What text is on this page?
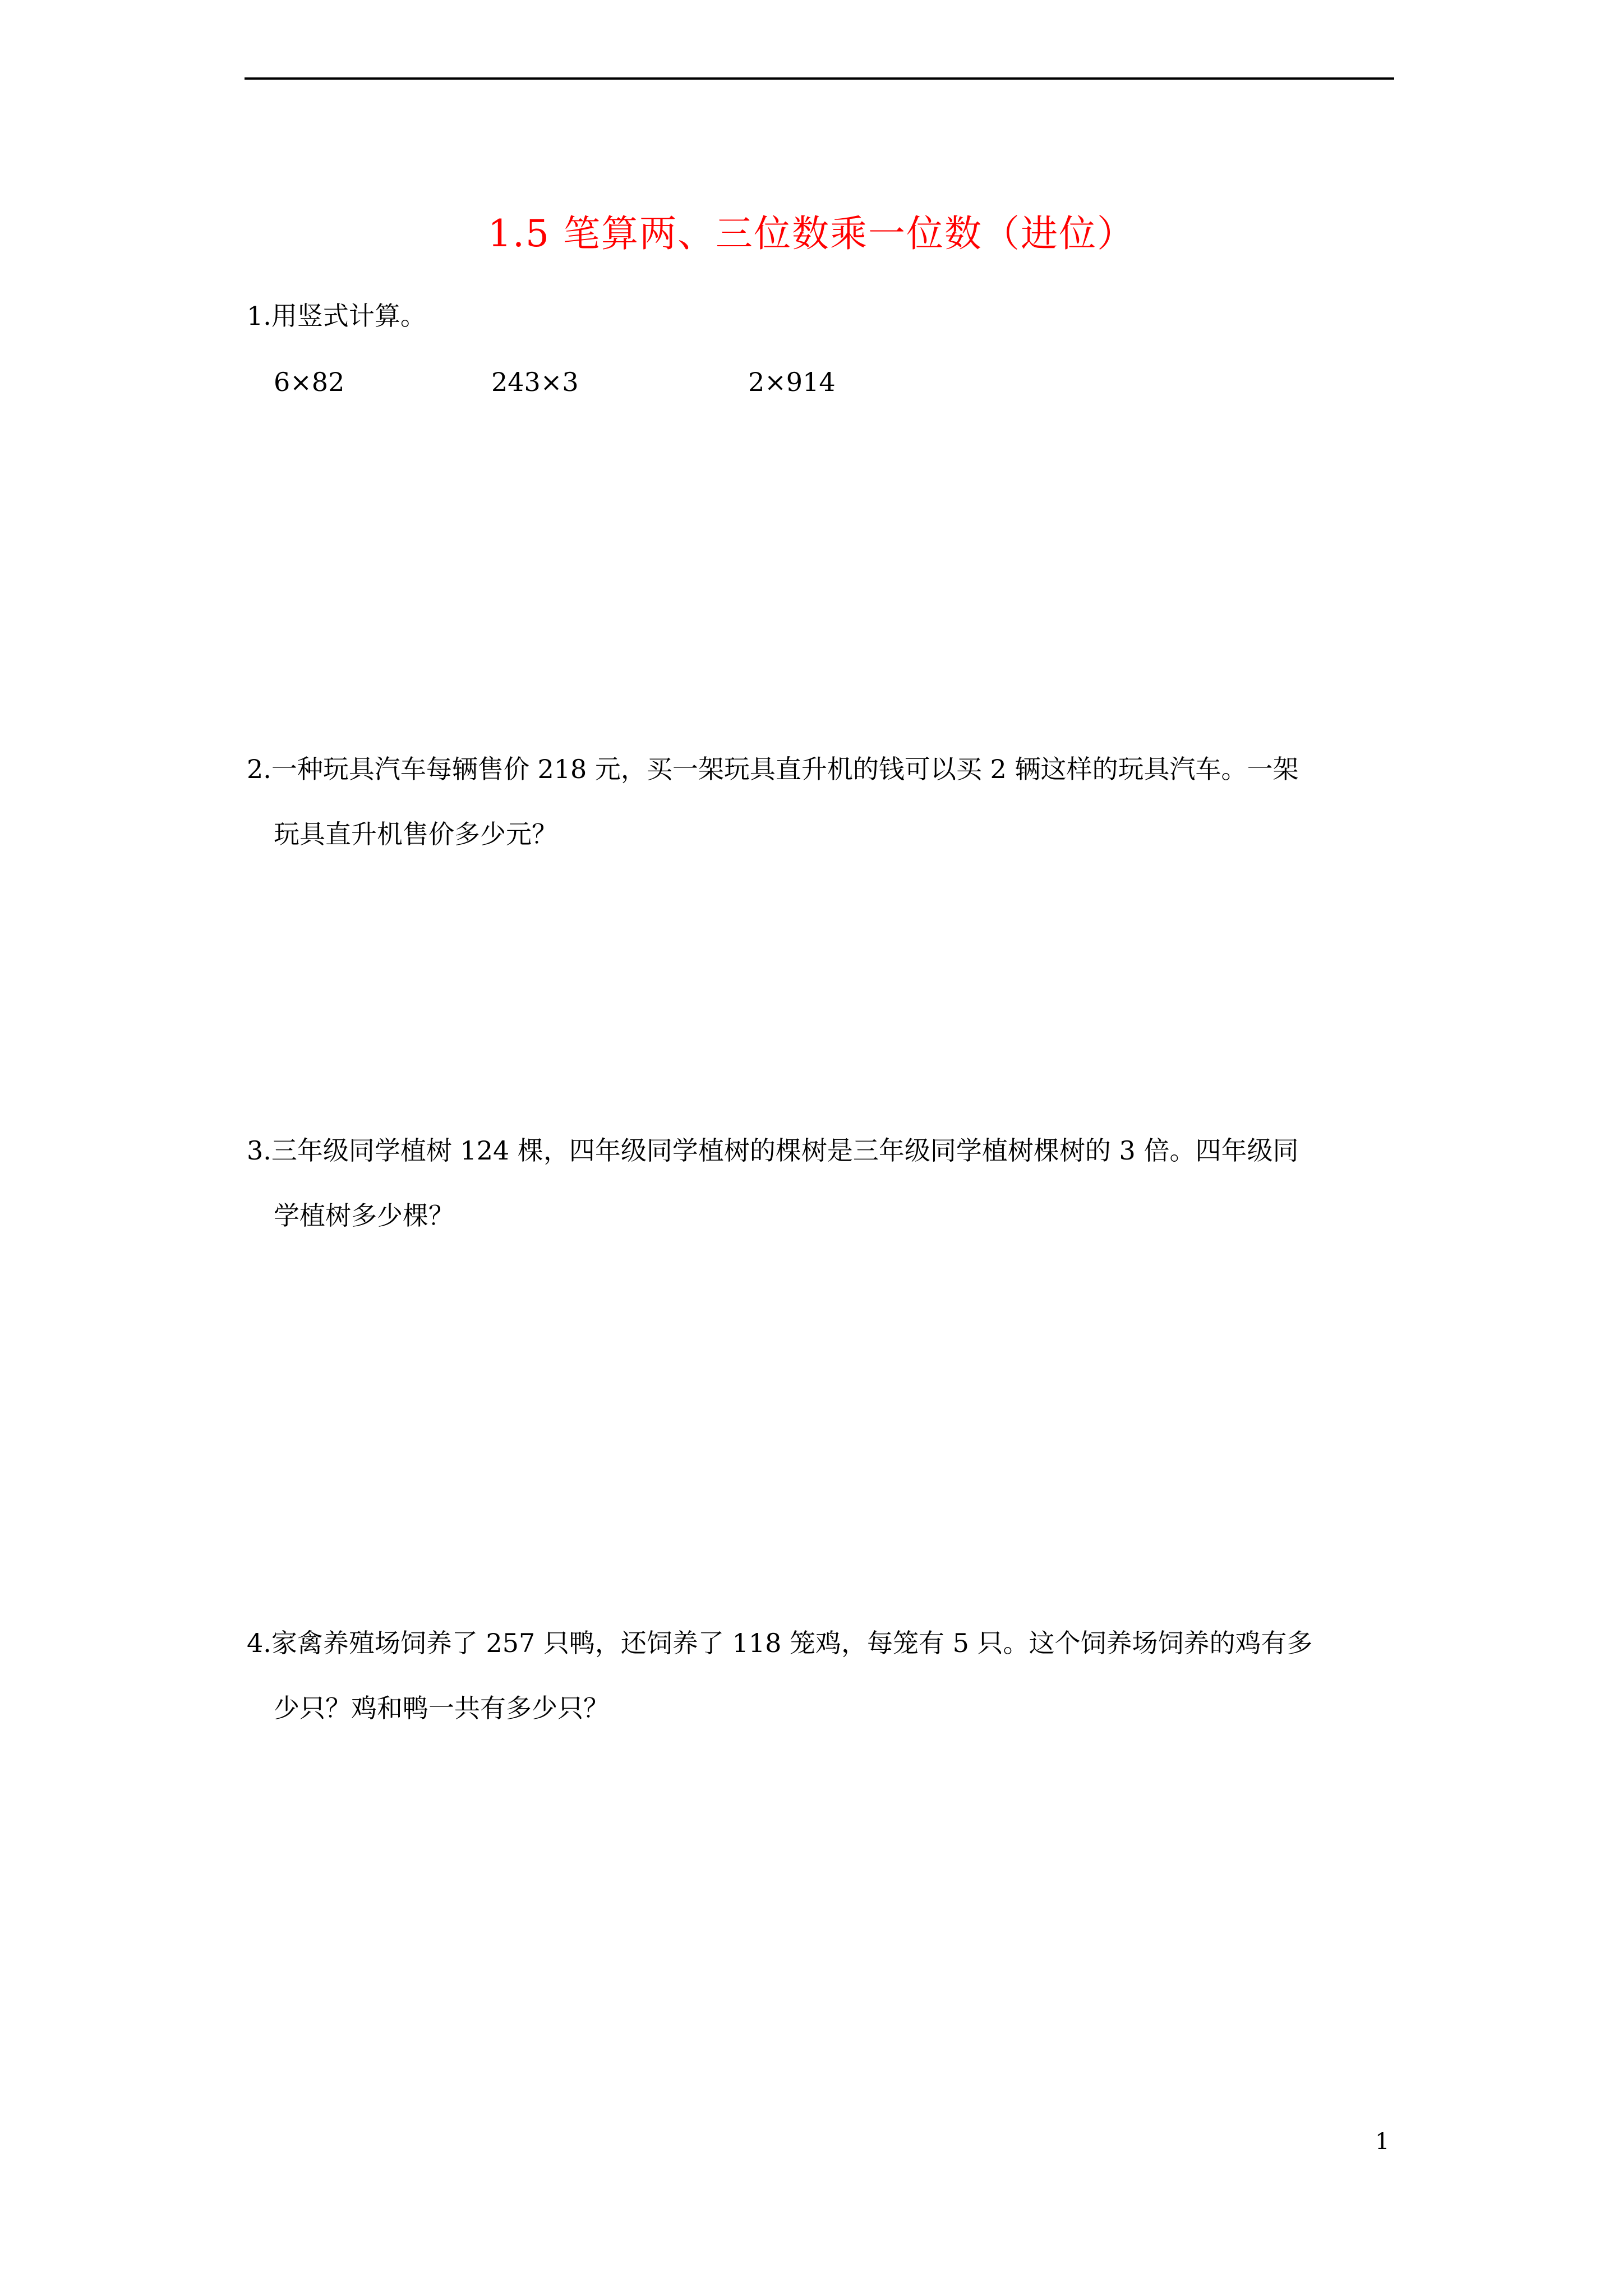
1.5 笔算两、三位数乘一位数（进位）
1.用竖式计算。
6×82	243×3	2×914
2.一种玩具汽车每辆售价 218 元，买一架玩具直升机的钱可以买 2 辆这样的玩具汽车。一架
玩具直升机售价多少元？
3.三年级同学植树 124 棵，四年级同学植树的棵树是三年级同学植树棵树的 3 倍。四年级同
学植树多少棵？
4.家禽养殖场饲养了 257 只鸭，还饲养了 118 笼鸡，每笼有 5 只。这个饲养场饲养的鸡有多
少只？鸡和鸭一共有多少只？
1
